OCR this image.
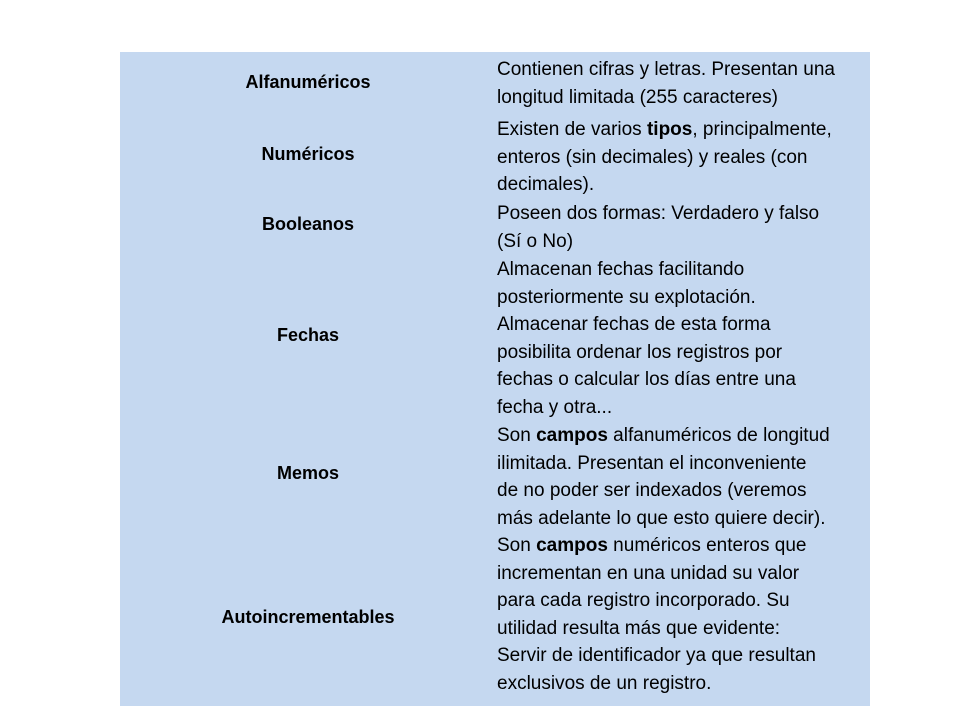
Alfanuméricos
Contienen cifras y letras. Presentan una
longitud limitada (255 caracteres)
Numéricos
Existen de varios tipos, principalmente,
enteros (sin decimales) y reales (con
decimales).
Booleanos	Poseen dos formas: Verdadero y falso
(Sí o No)
Fechas
Almacenan fechas facilitando
posteriormente su explotación.
Almacenar fechas de esta forma
posibilita ordenar los registros por
fechas o calcular los días entre una
fecha y otra...
Memos
Son campos alfanuméricos de longitud
ilimitada. Presentan el inconveniente
de no poder ser indexados (veremos
más adelante lo que esto quiere decir).
Autoincrementables
Son campos numéricos enteros que
incrementan en una unidad su valor
para cada registro incorporado. Su
utilidad resulta más que evidente:
Servir de identificador ya que resultan
exclusivos de un registro.
